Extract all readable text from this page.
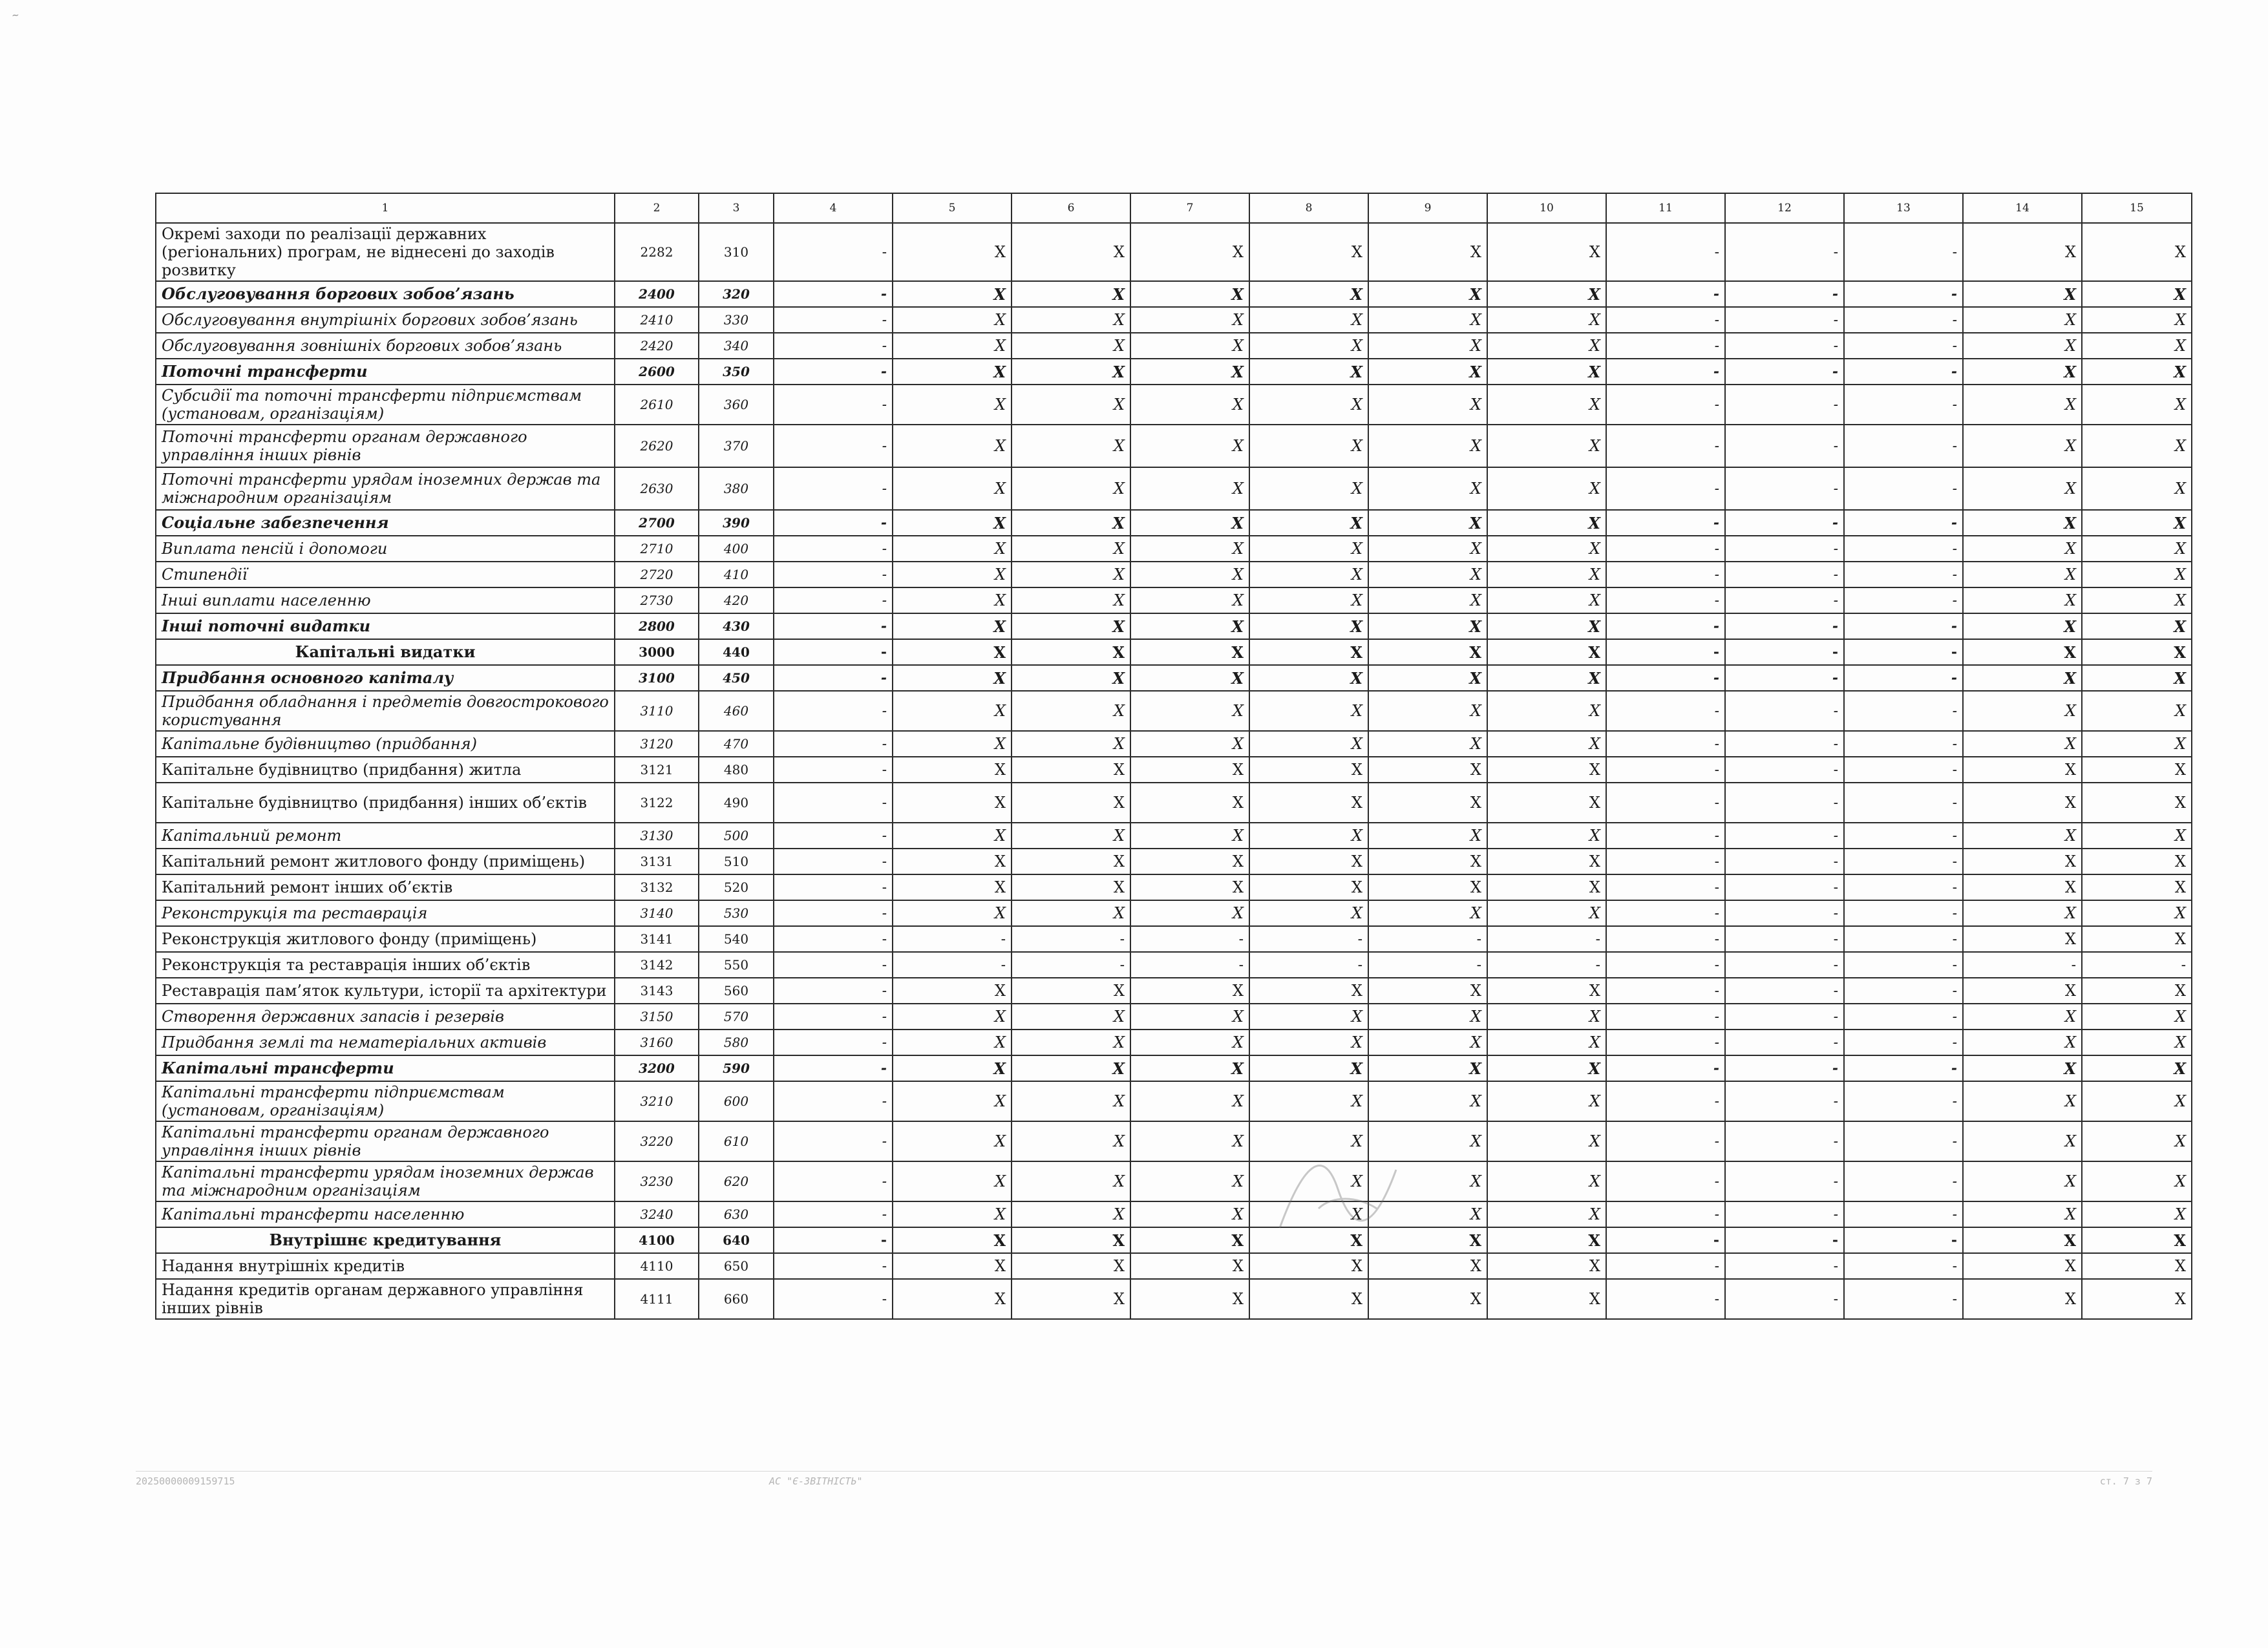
~
1	2	3	4	5	6	7	8	9	10	11	12	13	14	15
Окремі заходи по реалізації державних (регіональних) програм, не віднесені до заходів розвитку	2282	310	-	X	X	X	X	X	X	-	-	-	X	X
Обслуговування боргових зобов’язань	2400	320	-	X	X	X	X	X	X	-	-	-	X	X
Обслуговування внутрішніх боргових зобов’язань	2410	330	-	X	X	X	X	X	X	-	-	-	X	X
Обслуговування зовнішніх боргових зобов’язань	2420	340	-	X	X	X	X	X	X	-	-	-	X	X
Поточні трансферти	2600	350	-	X	X	X	X	X	X	-	-	-	X	X
Субсидії та поточні трансферти підприємствам (установам, організаціям)	2610	360	-	X	X	X	X	X	X	-	-	-	X	X
Поточні трансферти органам державного управління інших рівнів	2620	370	-	X	X	X	X	X	X	-	-	-	X	X
Поточні трансферти урядам іноземних держав та міжнародним організаціям	2630	380	-	X	X	X	X	X	X	-	-	-	X	X
Соціальне забезпечення	2700	390	-	X	X	X	X	X	X	-	-	-	X	X
Виплата пенсій і допомоги	2710	400	-	X	X	X	X	X	X	-	-	-	X	X
Стипендії	2720	410	-	X	X	X	X	X	X	-	-	-	X	X
Інші виплати населенню	2730	420	-	X	X	X	X	X	X	-	-	-	X	X
Інші поточні видатки	2800	430	-	X	X	X	X	X	X	-	-	-	X	X
Капітальні видатки	3000	440	-	X	X	X	X	X	X	-	-	-	X	X
Придбання основного капіталу	3100	450	-	X	X	X	X	X	X	-	-	-	X	X
Придбання обладнання і предметів довгострокового користування	3110	460	-	X	X	X	X	X	X	-	-	-	X	X
Капітальне будівництво (придбання)	3120	470	-	X	X	X	X	X	X	-	-	-	X	X
Капітальне будівництво (придбання) житла	3121	480	-	X	X	X	X	X	X	-	-	-	X	X
Капітальне будівництво (придбання) інших об’єктів	3122	490	-	X	X	X	X	X	X	-	-	-	X	X
Капітальний ремонт	3130	500	-	X	X	X	X	X	X	-	-	-	X	X
Капітальний ремонт житлового фонду (приміщень)	3131	510	-	X	X	X	X	X	X	-	-	-	X	X
Капітальний ремонт інших об’єктів	3132	520	-	X	X	X	X	X	X	-	-	-	X	X
Реконструкція та реставрація	3140	530	-	X	X	X	X	X	X	-	-	-	X	X
Реконструкція житлового фонду (приміщень)	3141	540	-	-	-	-	-	-	-	-	-	-	X	X
Реконструкція та реставрація інших об’єктів	3142	550	-	-	-	-	-	-	-	-	-	-	-	-
Реставрація пам’яток культури, історії та архітектури	3143	560	-	X	X	X	X	X	X	-	-	-	X	X
Створення державних запасів і резервів	3150	570	-	X	X	X	X	X	X	-	-	-	X	X
Придбання землі та нематеріальних активів	3160	580	-	X	X	X	X	X	X	-	-	-	X	X
Капітальні трансферти	3200	590	-	X	X	X	X	X	X	-	-	-	X	X
Капітальні трансферти підприємствам (установам, організаціям)	3210	600	-	X	X	X	X	X	X	-	-	-	X	X
Капітальні трансферти органам державного управління інших рівнів	3220	610	-	X	X	X	X	X	X	-	-	-	X	X
Капітальні трансферти урядам іноземних держав та міжнародним організаціям	3230	620	-	X	X	X	X	X	X	-	-	-	X	X
Капітальні трансферти населенню	3240	630	-	X	X	X	X	X	X	-	-	-	X	X
Внутрішнє кредитування	4100	640	-	X	X	X	X	X	X	-	-	-	X	X
Надання внутрішніх кредитів	4110	650	-	X	X	X	X	X	X	-	-	-	X	X
Надання кредитів органам державного управління інших рівнів	4111	660	-	X	X	X	X	X	X	-	-	-	X	X
20250000009159715	АС "Є-ЗВІТНІСТЬ"	ст. 7 з 7
